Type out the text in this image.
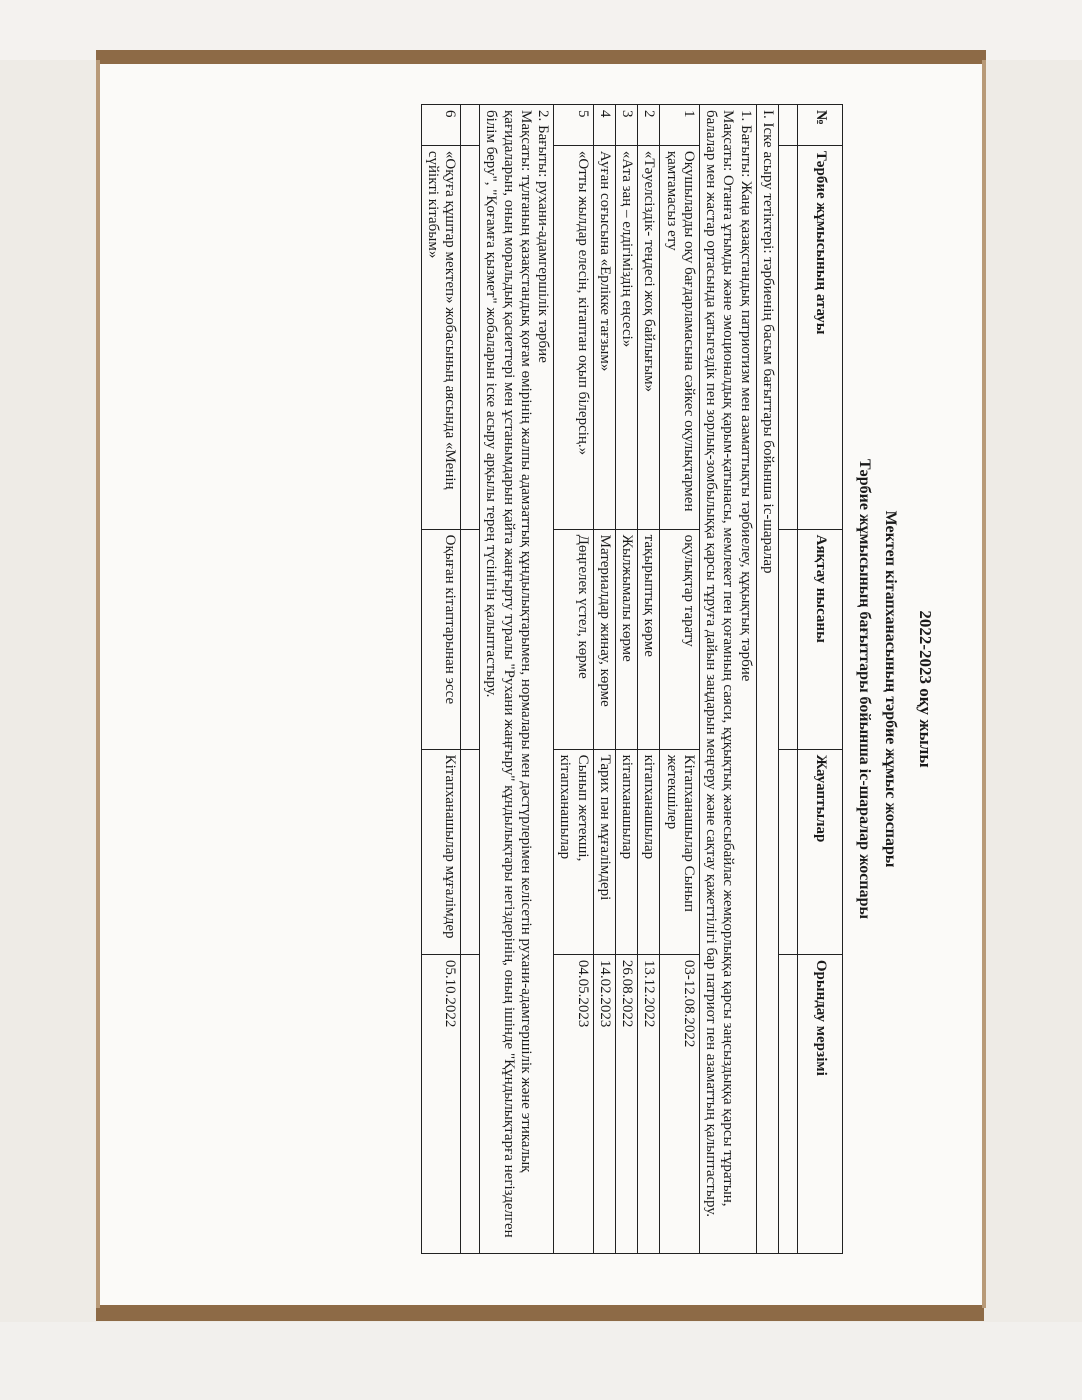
2022-2023 оқу жылы
Мектеп кітапханасының тәрбие жұмыс жоспары
Тәрбие жұмысының бағыттары бойынша іс-шаралар жоспары
№	Тәрбие жұмысының атауы	Аяқтау нысаны	Жауаптылар	Орындау мерзімі

І. Іске асыру тетіктері: тәрбиенің басым бағыттары бойынша іс-шаралар				

1. Бағыты: Жаңа қазақстандық патриотизм мен азаматтықты тәрбиелеу, құқықтық тәрбие
Мақсаты: Отанға ұтымды және эмоционалдық қарым-қатынасы, мемлекет пен қоғамның саяси, құқықтық жәнесыбайлас жемқорлыққа қарсы заңсыздыққа қарсы тұратын, балалар мен жастар ортасында қатыгездік пен зорлық-зомбылыққа қарсы тұруға дайын заңдарын меңгеру және сақтау қажеттілігі бар патриот пен азаматтың қалыптастыру.				

1	Оқушыларды оқу бағдарламасына сәйкес оқулықтармен қамтамасыз ету	оқулықтар тарату	Кітапханашылар Сынып жетекшілер	03-12.08.2022
2	«Тәуелсіздік- теңдесі жоқ байлығым»	тақырыптық көрме	кітапханашылар	13.12.2022
3	«Ата заң – елдігіміздің еңсесі»	Жылжымалы көрме	кітапханашылар	26.08.2022
4	Ауған соғысына «Ерлікке тағзым»	Материалдар жинау, көрме	Тарих пән мұғалімдері	14.02.2023
5	«Отты жылдар елесін, кітаптан оқып білерсің.»	Дөңгелек үстел, көрме	Сынып жетекші, кітапханашылар	04.05.2023

2. Бағыты: рухани-адамгершілік тәрбие
Мақсаты: тұлғаның қазақстандық қоғам өмірінің жалпы адамзаттық құндылықтарымен, нормалары мен дәстүрлерімен келісетін рухани-адамгершілік және этикалық қағидаларын, оның моральдық қасиеттері мен ұстанымдарын қайта жаңғырту туралы "Рухани жаңғыру" құндылықтары негіздерінің, оның ішінде "Құндылықтарға негізделген білім беру", "Қоғамға қызмет" жобаларын іске асыру арқылы терең түсінігін қалыптастыру.				

6	«Оқуға құштар мектеп» жобасының аясында «Менің сүйікті кітабым»	Оқыған кітаптарынан эссе	Кітапханашылар мұғалімдер	05.10.2022
